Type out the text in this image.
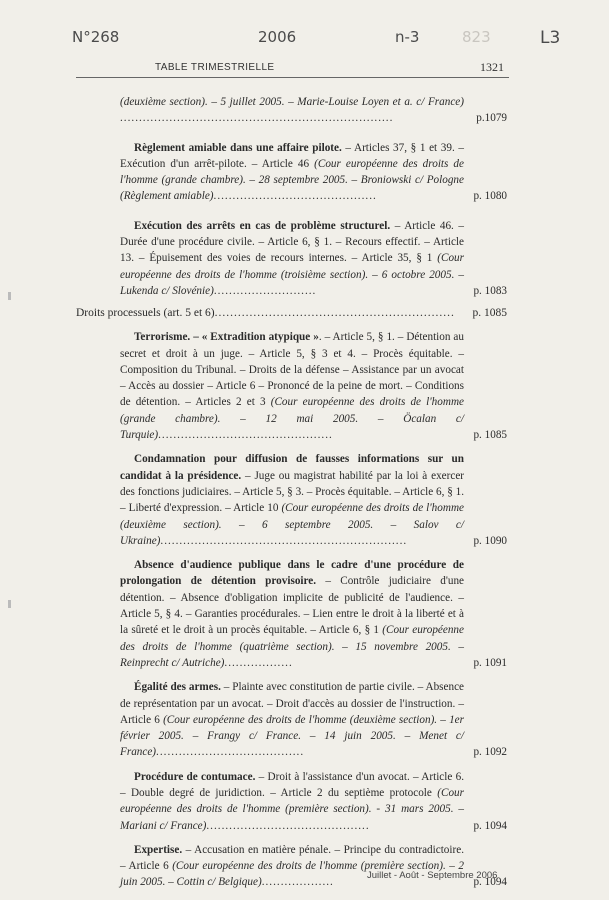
N°268	2006	n-3	823	L3
TABLE TRIMESTRIELLE	1321
(deuxième section). – 5 juillet 2005. – Marie-Louise Loyen et a. c/ France) ........................................................................	p.1079
Règlement amiable dans une affaire pilote. – Articles 37, § 1 et 39. – Exécution d'un arrêt-pilote. – Article 46 (Cour européenne des droits de l'homme (grande chambre). – 28 septembre 2005. – Broniowski c/ Pologne (Règlement amiable)...........................................	p. 1080
Exécution des arrêts en cas de problème structurel. – Article 46. – Durée d'une procédure civile. – Article 6, § 1. – Recours effectif. – Article 13. – Épuisement des voies de recours internes. – Article 35, § 1 (Cour européenne des droits de l'homme (troisième section). – 6 octobre 2005. – Lukenda c/ Slovénie)...........................	p. 1083
Droits processuels (art. 5 et 6).............................................................. p. 1085
Terrorisme. – « Extradition atypique ». – Article 5, § 1. – Détention au secret et droit à un juge. – Article 5, § 3 et 4. – Procès équitable. – Composition du Tribunal. – Droits de la défense – Assistance par un avocat – Accès au dossier – Article 6 – Prononcé de la peine de mort. – Conditions de détention. – Articles 2 et 3 (Cour européenne des droits de l'homme (grande chambre). – 12 mai 2005. – Öcalan c/ Turquie)..............................................	p. 1085
Condamnation pour diffusion de fausses informations sur un candidat à la présidence. – Juge ou magistrat habilité par la loi à exercer des fonctions judiciaires. – Article 5, § 3. – Procès équitable. – Article 6, § 1. – Liberté d'expression. – Article 10 (Cour européenne des droits de l'homme (deuxième section). – 6 septembre 2005. – Salov c/ Ukraine).................................................................	p. 1090
Absence d'audience publique dans le cadre d'une procédure de prolongation de détention provisoire. – Contrôle judiciaire d'une détention. – Absence d'obligation implicite de publicité de l'audience. – Article 5, § 4. – Garanties procédurales. – Lien entre le droit à la liberté et à la sûreté et le droit à un procès équitable. – Article 6, § 1 (Cour européenne des droits de l'homme (quatrième section). – 15 novembre 2005. – Reinprecht c/ Autriche)..................	p. 1091
Égalité des armes. – Plainte avec constitution de partie civile. – Absence de représentation par un avocat. – Droit d'accès au dossier de l'instruction. – Article 6 (Cour européenne des droits de l'homme (deuxième section). – 1er février 2005. – Frangy c/ France. – 14 juin 2005. – Menet c/ France).......................................	p. 1092
Procédure de contumace. – Droit à l'assistance d'un avocat. – Article 6. – Double degré de juridiction. – Article 2 du septième protocole (Cour européenne des droits de l'homme (première section). - 31 mars 2005. – Mariani c/ France)...........................................	p. 1094
Expertise. – Accusation en matière pénale. – Principe du contradictoire. – Article 6 (Cour européenne des droits de l'homme (première section). – 2 juin 2005. – Cottin c/ Belgique)...................	p. 1094
Juillet - Août - Septembre 2006
